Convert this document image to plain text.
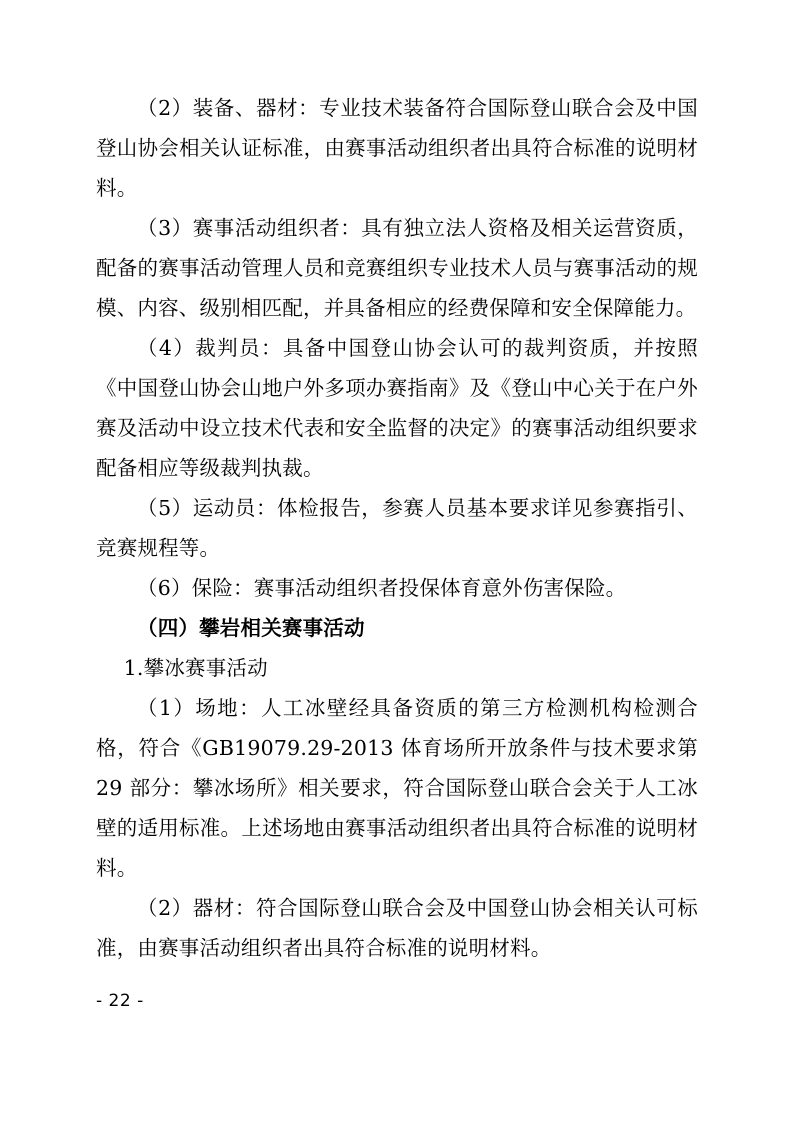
（2）装备、器材：专业技术装备符合国际登山联合会及中国登山协会相关认证标准，由赛事活动组织者出具符合标准的说明材料。

（3）赛事活动组织者：具有独立法人资格及相关运营资质，配备的赛事活动管理人员和竞赛组织专业技术人员与赛事活动的规模、内容、级别相匹配，并具备相应的经费保障和安全保障能力。

（4）裁判员：具备中国登山协会认可的裁判资质，并按照《中国登山协会山地户外多项办赛指南》及《登山中心关于在户外赛及活动中设立技术代表和安全监督的决定》的赛事活动组织要求配备相应等级裁判执裁。

（5）运动员：体检报告，参赛人员基本要求详见参赛指引、竞赛规程等。

（6）保险：赛事活动组织者投保体育意外伤害保险。

（四）攀岩相关赛事活动

1.攀冰赛事活动

（1）场地：人工冰壁经具备资质的第三方检测机构检测合格，符合《GB19079.29-2013 体育场所开放条件与技术要求第 29 部分：攀冰场所》相关要求，符合国际登山联合会关于人工冰壁的适用标准。上述场地由赛事活动组织者出具符合标准的说明材料。

（2）器材：符合国际登山联合会及中国登山协会相关认可标准，由赛事活动组织者出具符合标准的说明材料。

- 22 -
